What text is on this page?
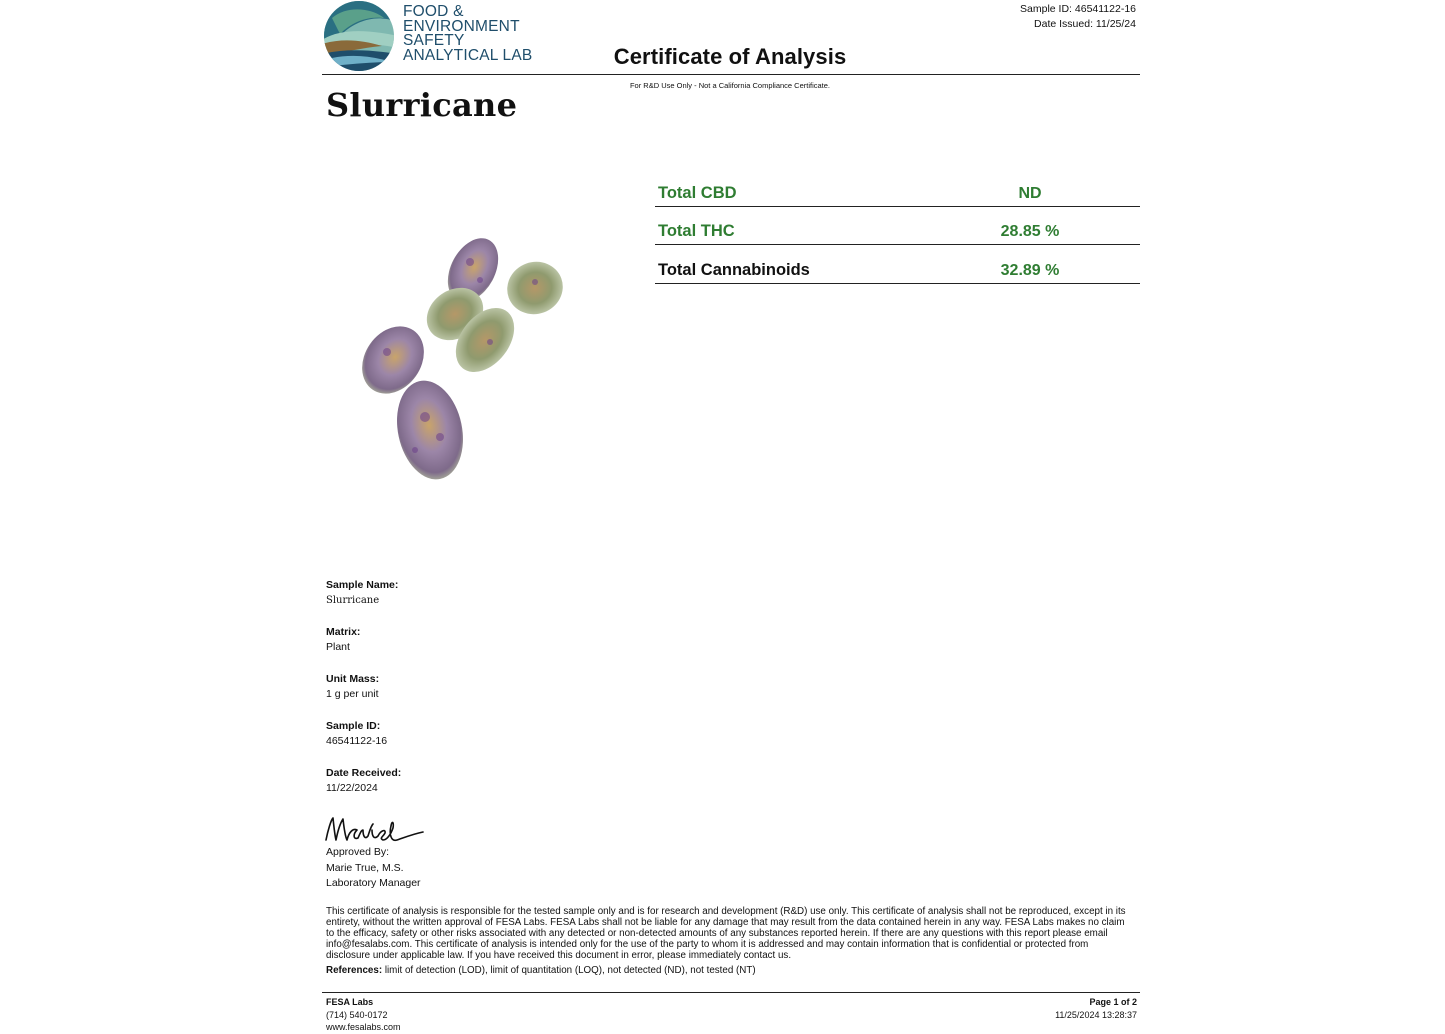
FOOD &
ENVIRONMENT
SAFETY
ANALYTICAL LAB
Sample ID: 46541122-16
Date Issued: 11/25/24
Certificate of Analysis
For R&D Use Only - Not a California Compliance Certificate.
Slurricane
Total CBD	ND
Total THC	28.85 %
Total Cannabinoids	32.89 %
Sample Name:
Slurricane
Matrix:
Plant
Unit Mass:
1 g per unit
Sample ID:
46541122-16
Date Received:
11/22/2024
Approved By:
Marie True, M.S.
Laboratory Manager
This certificate of analysis is responsible for the tested sample only and is for research and development (R&D) use only. This certificate of analysis shall not be reproduced, except in its entirety, without the written approval of FESA Labs. FESA Labs shall not be liable for any damage that may result from the data contained herein in any way. FESA Labs makes no claim to the efficacy, safety or other risks associated with any detected or non-detected amounts of any substances reported herein. If there are any questions with this report please email info@fesalabs.com. This certificate of analysis is intended only for the use of the party to whom it is addressed and may contain information that is confidential or protected from disclosure under applicable law. If you have received this document in error, please immediately contact us.
References: limit of detection (LOD), limit of quantitation (LOQ), not detected (ND), not tested (NT)
FESA Labs
(714) 540-0172
www.fesalabs.com
Page 1 of 2
11/25/2024 13:28:37
